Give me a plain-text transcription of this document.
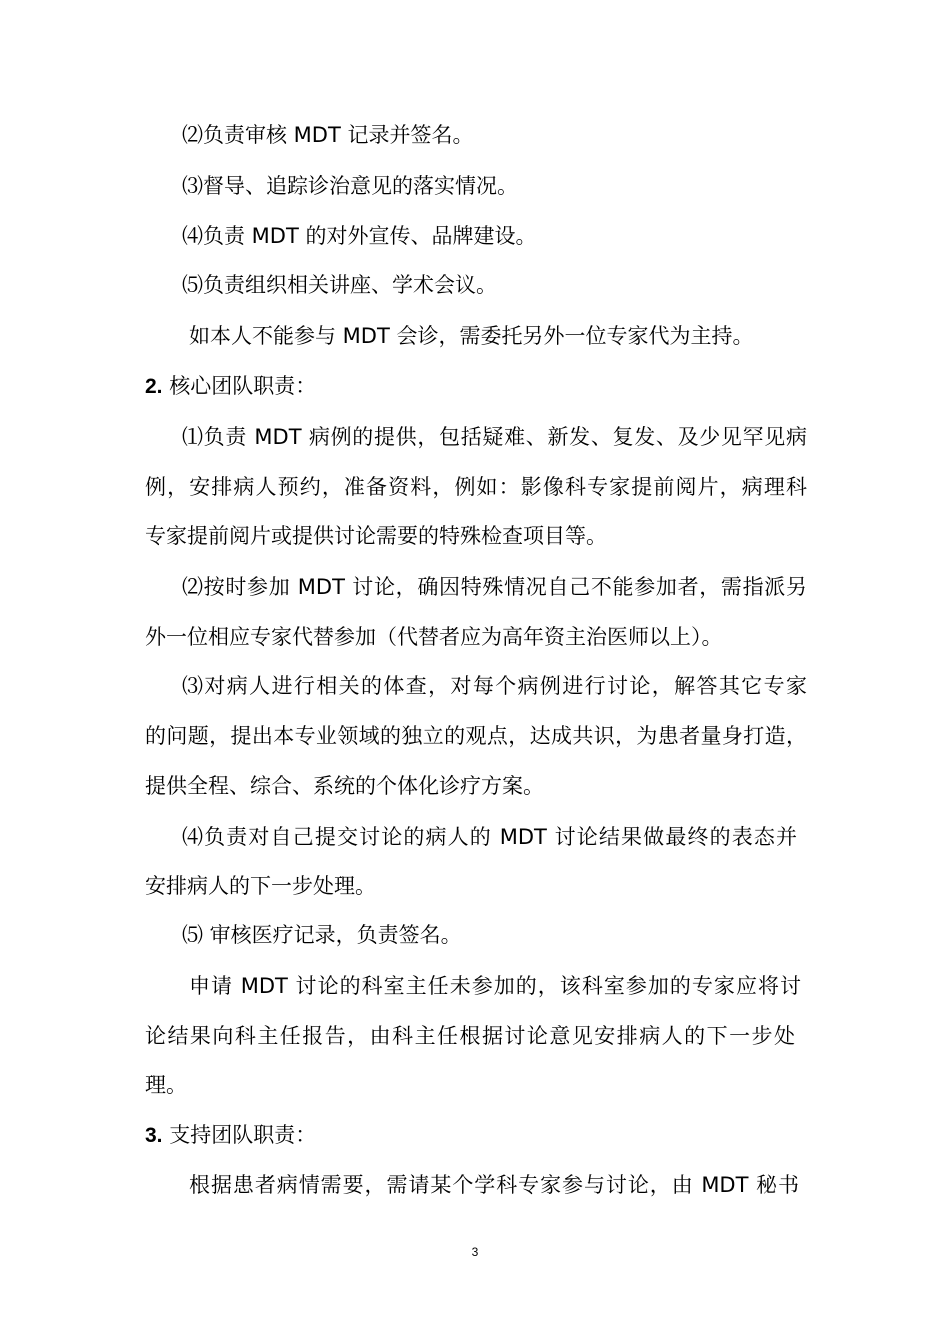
⑵负责审核 MDT 记录并签名。
⑶督导、追踪诊治意见的落实情况。
⑷负责 MDT 的对外宣传、品牌建设。
⑸负责组织相关讲座、学术会议。
如本人不能参与 MDT 会诊，需委托另外一位专家代为主持。
2. 核心团队职责：
⑴负责 MDT 病例的提供，包括疑难、新发、复发、及少见罕见病
例，安排病人预约，准备资料，例如：影像科专家提前阅片，病理科
专家提前阅片或提供讨论需要的特殊检查项目等。
⑵按时参加 MDT 讨论，确因特殊情况自己不能参加者，需指派另
外一位相应专家代替参加（代替者应为高年资主治医师以上）。
⑶对病人进行相关的体查，对每个病例进行讨论，解答其它专家
的问题，提出本专业领域的独立的观点，达成共识，为患者量身打造，
提供全程、综合、系统的个体化诊疗方案。
⑷负责对自己提交讨论的病人的 MDT 讨论结果做最终的表态并
安排病人的下一步处理。
⑸ 审核医疗记录，负责签名。
申请 MDT 讨论的科室主任未参加的，该科室参加的专家应将讨
论结果向科主任报告，由科主任根据讨论意见安排病人的下一步处
理。
3. 支持团队职责：
根据患者病情需要，需请某个学科专家参与讨论，由 MDT 秘书
3
